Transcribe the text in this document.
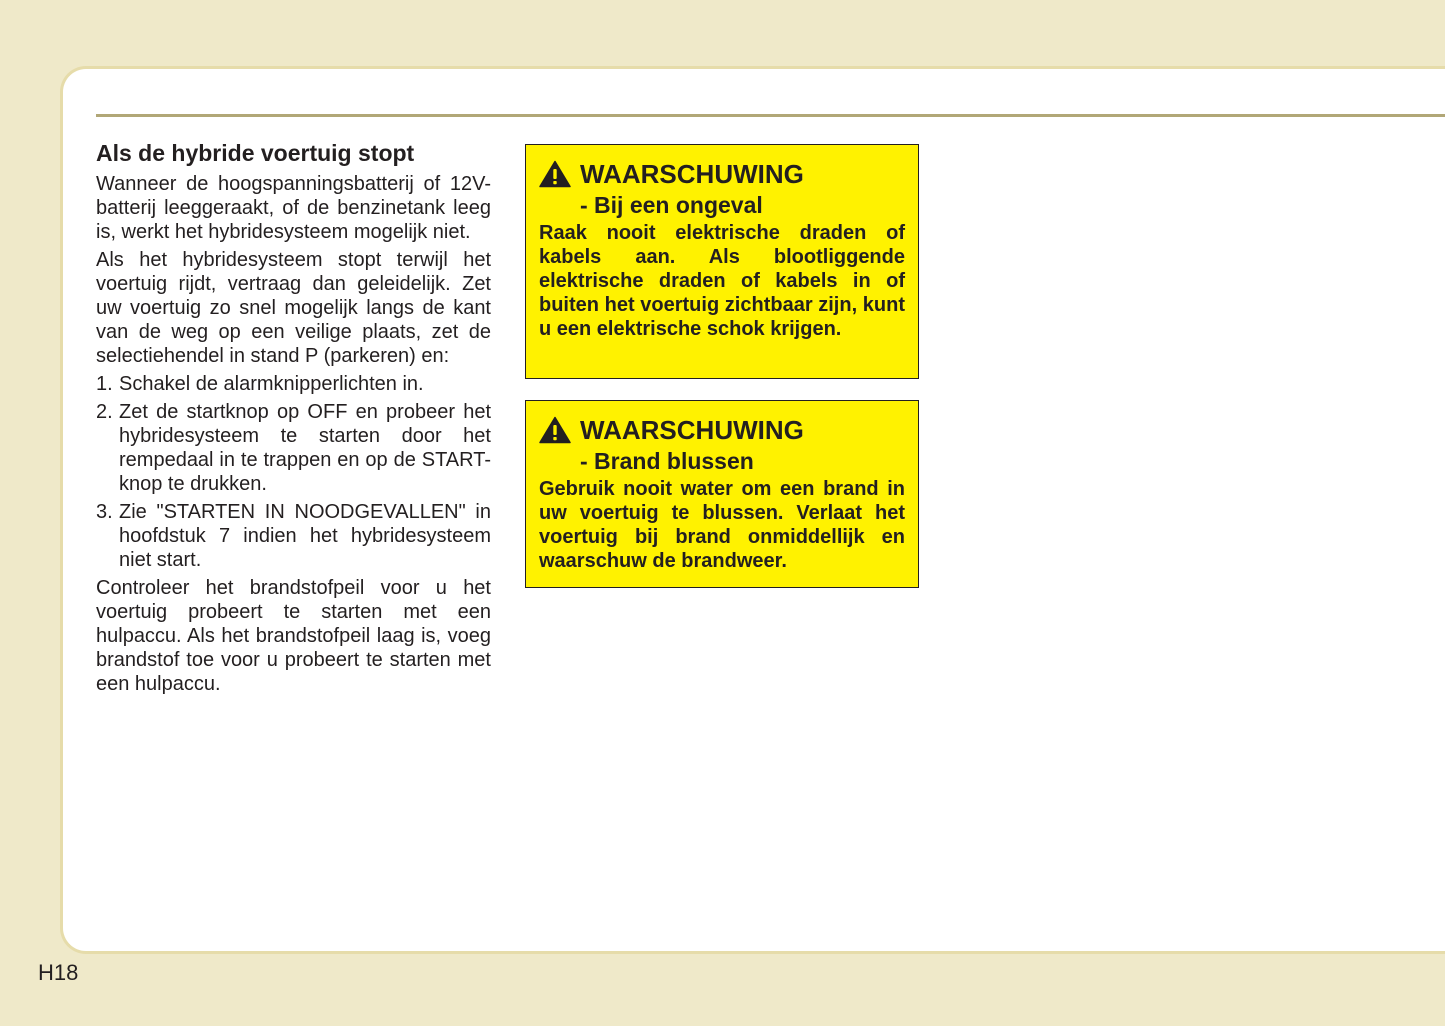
Als de hybride voertuig stopt

Wanneer de hoogspanningsbatterij of 12V-batterij leeggeraakt, of de benzinetank leeg is, werkt het hybridesysteem mogelijk niet.

Als het hybridesysteem stopt terwijl het voertuig rijdt, vertraag dan geleidelijk. Zet uw voertuig zo snel mogelijk langs de kant van de weg op een veilige plaats, zet de selectiehendel in stand P (parkeren) en:

1. Schakel de alarmknipperlichten in.
2. Zet de startknop op OFF en probeer het hybridesysteem te starten door het rempedaal in te trappen en op de START-knop te drukken.
3. Zie "STARTEN IN NOODGEVALLEN" in hoofdstuk 7 indien het hybridesysteem niet start.

Controleer het brandstofpeil voor u het voertuig probeert te starten met een hulpaccu. Als het brandstofpeil laag is, voeg brandstof toe voor u probeert te starten met een hulpaccu.

WAARSCHUWING
- Bij een ongeval
Raak nooit elektrische draden of kabels aan. Als blootliggende elektrische draden of kabels in of buiten het voertuig zichtbaar zijn, kunt u een elektrische schok krijgen.
WAARSCHUWING
- Brand blussen
Gebruik nooit water om een brand in uw voertuig te blussen. Verlaat het voertuig bij brand onmiddellijk en waarschuw de brandweer.
H18
